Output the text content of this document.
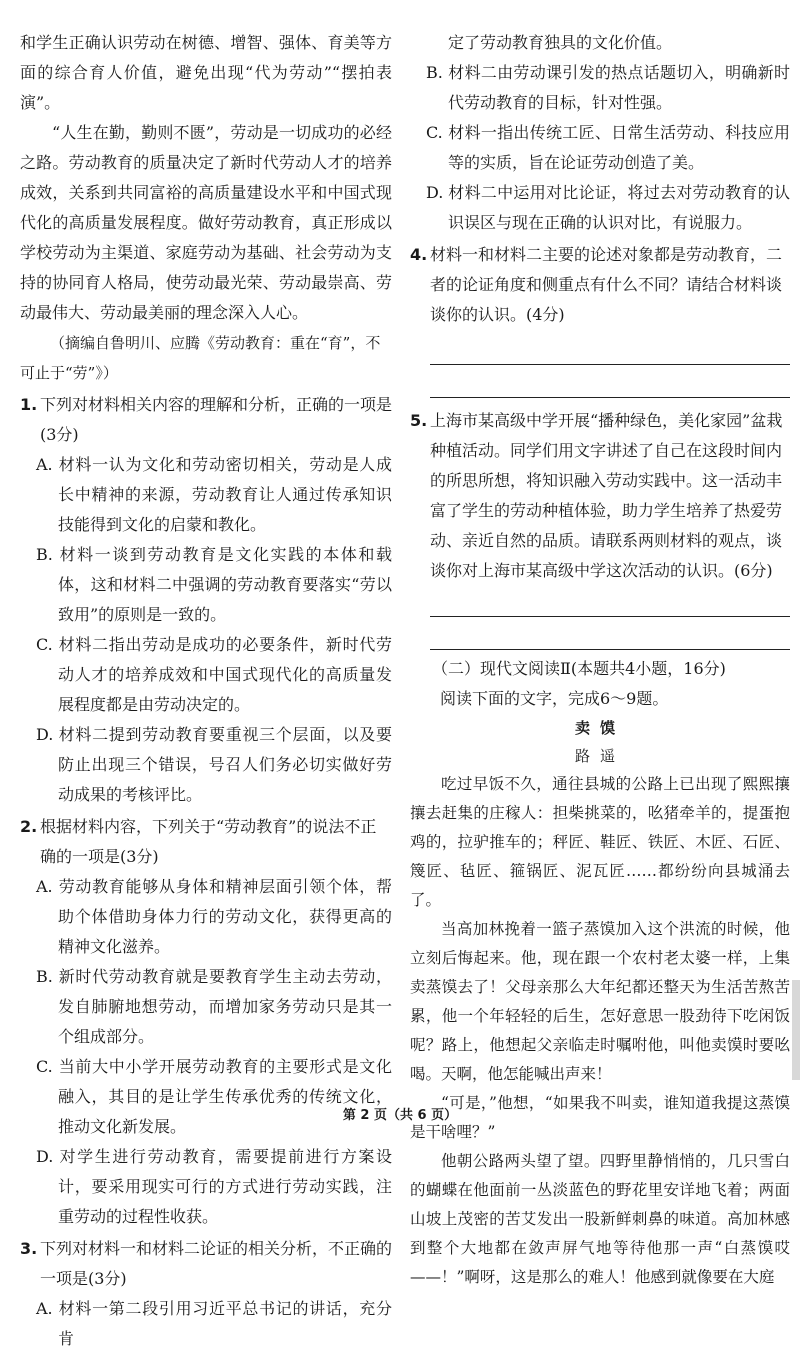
和学生正确认识劳动在树德、增智、强体、育美等方面的综合育人价值，避免出现“代为劳动”“摆拍表演”。

“人生在勤，勤则不匮”，劳动是一切成功的必经之路。劳动教育的质量决定了新时代劳动人才的培养成效，关系到共同富裕的高质量建设水平和中国式现代化的高质量发展程度。做好劳动教育，真正形成以学校劳动为主渠道、家庭劳动为基础、社会劳动为支持的协同育人格局，使劳动最光荣、劳动最崇高、劳动最伟大、劳动最美丽的理念深入人心。

（摘编自鲁明川、应腾《劳动教育：重在“育”，不可止于“劳”》）

1. 下列对材料相关内容的理解和分析，正确的一项是(3分)

A. 材料一认为文化和劳动密切相关，劳动是人成长中精神的来源，劳动教育让人通过传承知识技能得到文化的启蒙和教化。

B. 材料一谈到劳动教育是文化实践的本体和载体，这和材料二中强调的劳动教育要落实“劳以致用”的原则是一致的。

C. 材料二指出劳动是成功的必要条件，新时代劳动人才的培养成效和中国式现代化的高质量发展程度都是由劳动决定的。

D. 材料二提到劳动教育要重视三个层面，以及要防止出现三个错误，号召人们务必切实做好劳动成果的考核评比。

2. 根据材料内容，下列关于“劳动教育”的说法不正确的一项是(3分)

A. 劳动教育能够从身体和精神层面引领个体，帮助个体借助身体力行的劳动文化，获得更高的精神文化滋养。

B. 新时代劳动教育就是要教育学生主动去劳动，发自肺腑地想劳动，而增加家务劳动只是其一个组成部分。

C. 当前大中小学开展劳动教育的主要形式是文化融入，其目的是让学生传承优秀的传统文化，推动文化新发展。

D. 对学生进行劳动教育，需要提前进行方案设计，要采用现实可行的方式进行劳动实践，注重劳动的过程性收获。

3. 下列对材料一和材料二论证的相关分析，不正确的一项是(3分)

A. 材料一第二段引用习近平总书记的讲话，充分肯

定了劳动教育独具的文化价值。

B. 材料二由劳动课引发的热点话题切入，明确新时代劳动教育的目标，针对性强。

C. 材料一指出传统工匠、日常生活劳动、科技应用等的实质，旨在论证劳动创造了美。

D. 材料二中运用对比论证，将过去对劳动教育的认识误区与现在正确的认识对比，有说服力。

4. 材料一和材料二主要的论述对象都是劳动教育，二者的论证角度和侧重点有什么不同？请结合材料谈谈你的认识。(4分)

5. 上海市某高级中学开展“播种绿色，美化家园”盆栽种植活动。同学们用文字讲述了自己在这段时间内的所思所想，将知识融入劳动实践中。这一活动丰富了学生的劳动种植体验，助力学生培养了热爱劳动、亲近自然的品质。请联系两则材料的观点，谈谈你对上海市某高级中学这次活动的认识。(6分)

（二）现代文阅读Ⅱ(本题共4小题，16分)

阅读下面的文字，完成6～9题。

卖馍

路遥

吃过早饭不久，通往县城的公路上已出现了熙熙攘攘去赶集的庄稼人：担柴挑菜的，吆猪牵羊的，提蛋抱鸡的，拉驴推车的；秤匠、鞋匠、铁匠、木匠、石匠、篾匠、毡匠、箍锅匠、泥瓦匠……都纷纷向县城涌去了。

当高加林挽着一篮子蒸馍加入这个洪流的时候，他立刻后悔起来。他，现在跟一个农村老太婆一样，上集卖蒸馍去了！父母亲那么大年纪都还整天为生活苦熬苦累，他一个年轻轻的后生，怎好意思一股劲待下吃闲饭呢？路上，他想起父亲临走时嘱咐他，叫他卖馍时要吆喝。天啊，他怎能喊出声来！

“可是，”他想，“如果我不叫卖，谁知道我提这蒸馍是干啥哩？”

他朝公路两头望了望。四野里静悄悄的，几只雪白的蝴蝶在他面前一丛淡蓝色的野花里安详地飞着；两面山坡上茂密的苦艾发出一股新鲜刺鼻的味道。高加林感到整个大地都在敛声屏气地等待他那一声“白蒸馍哎——！”啊呀，这是那么的难人！他感到就像要在大庭

第 2 页（共 6 页）
